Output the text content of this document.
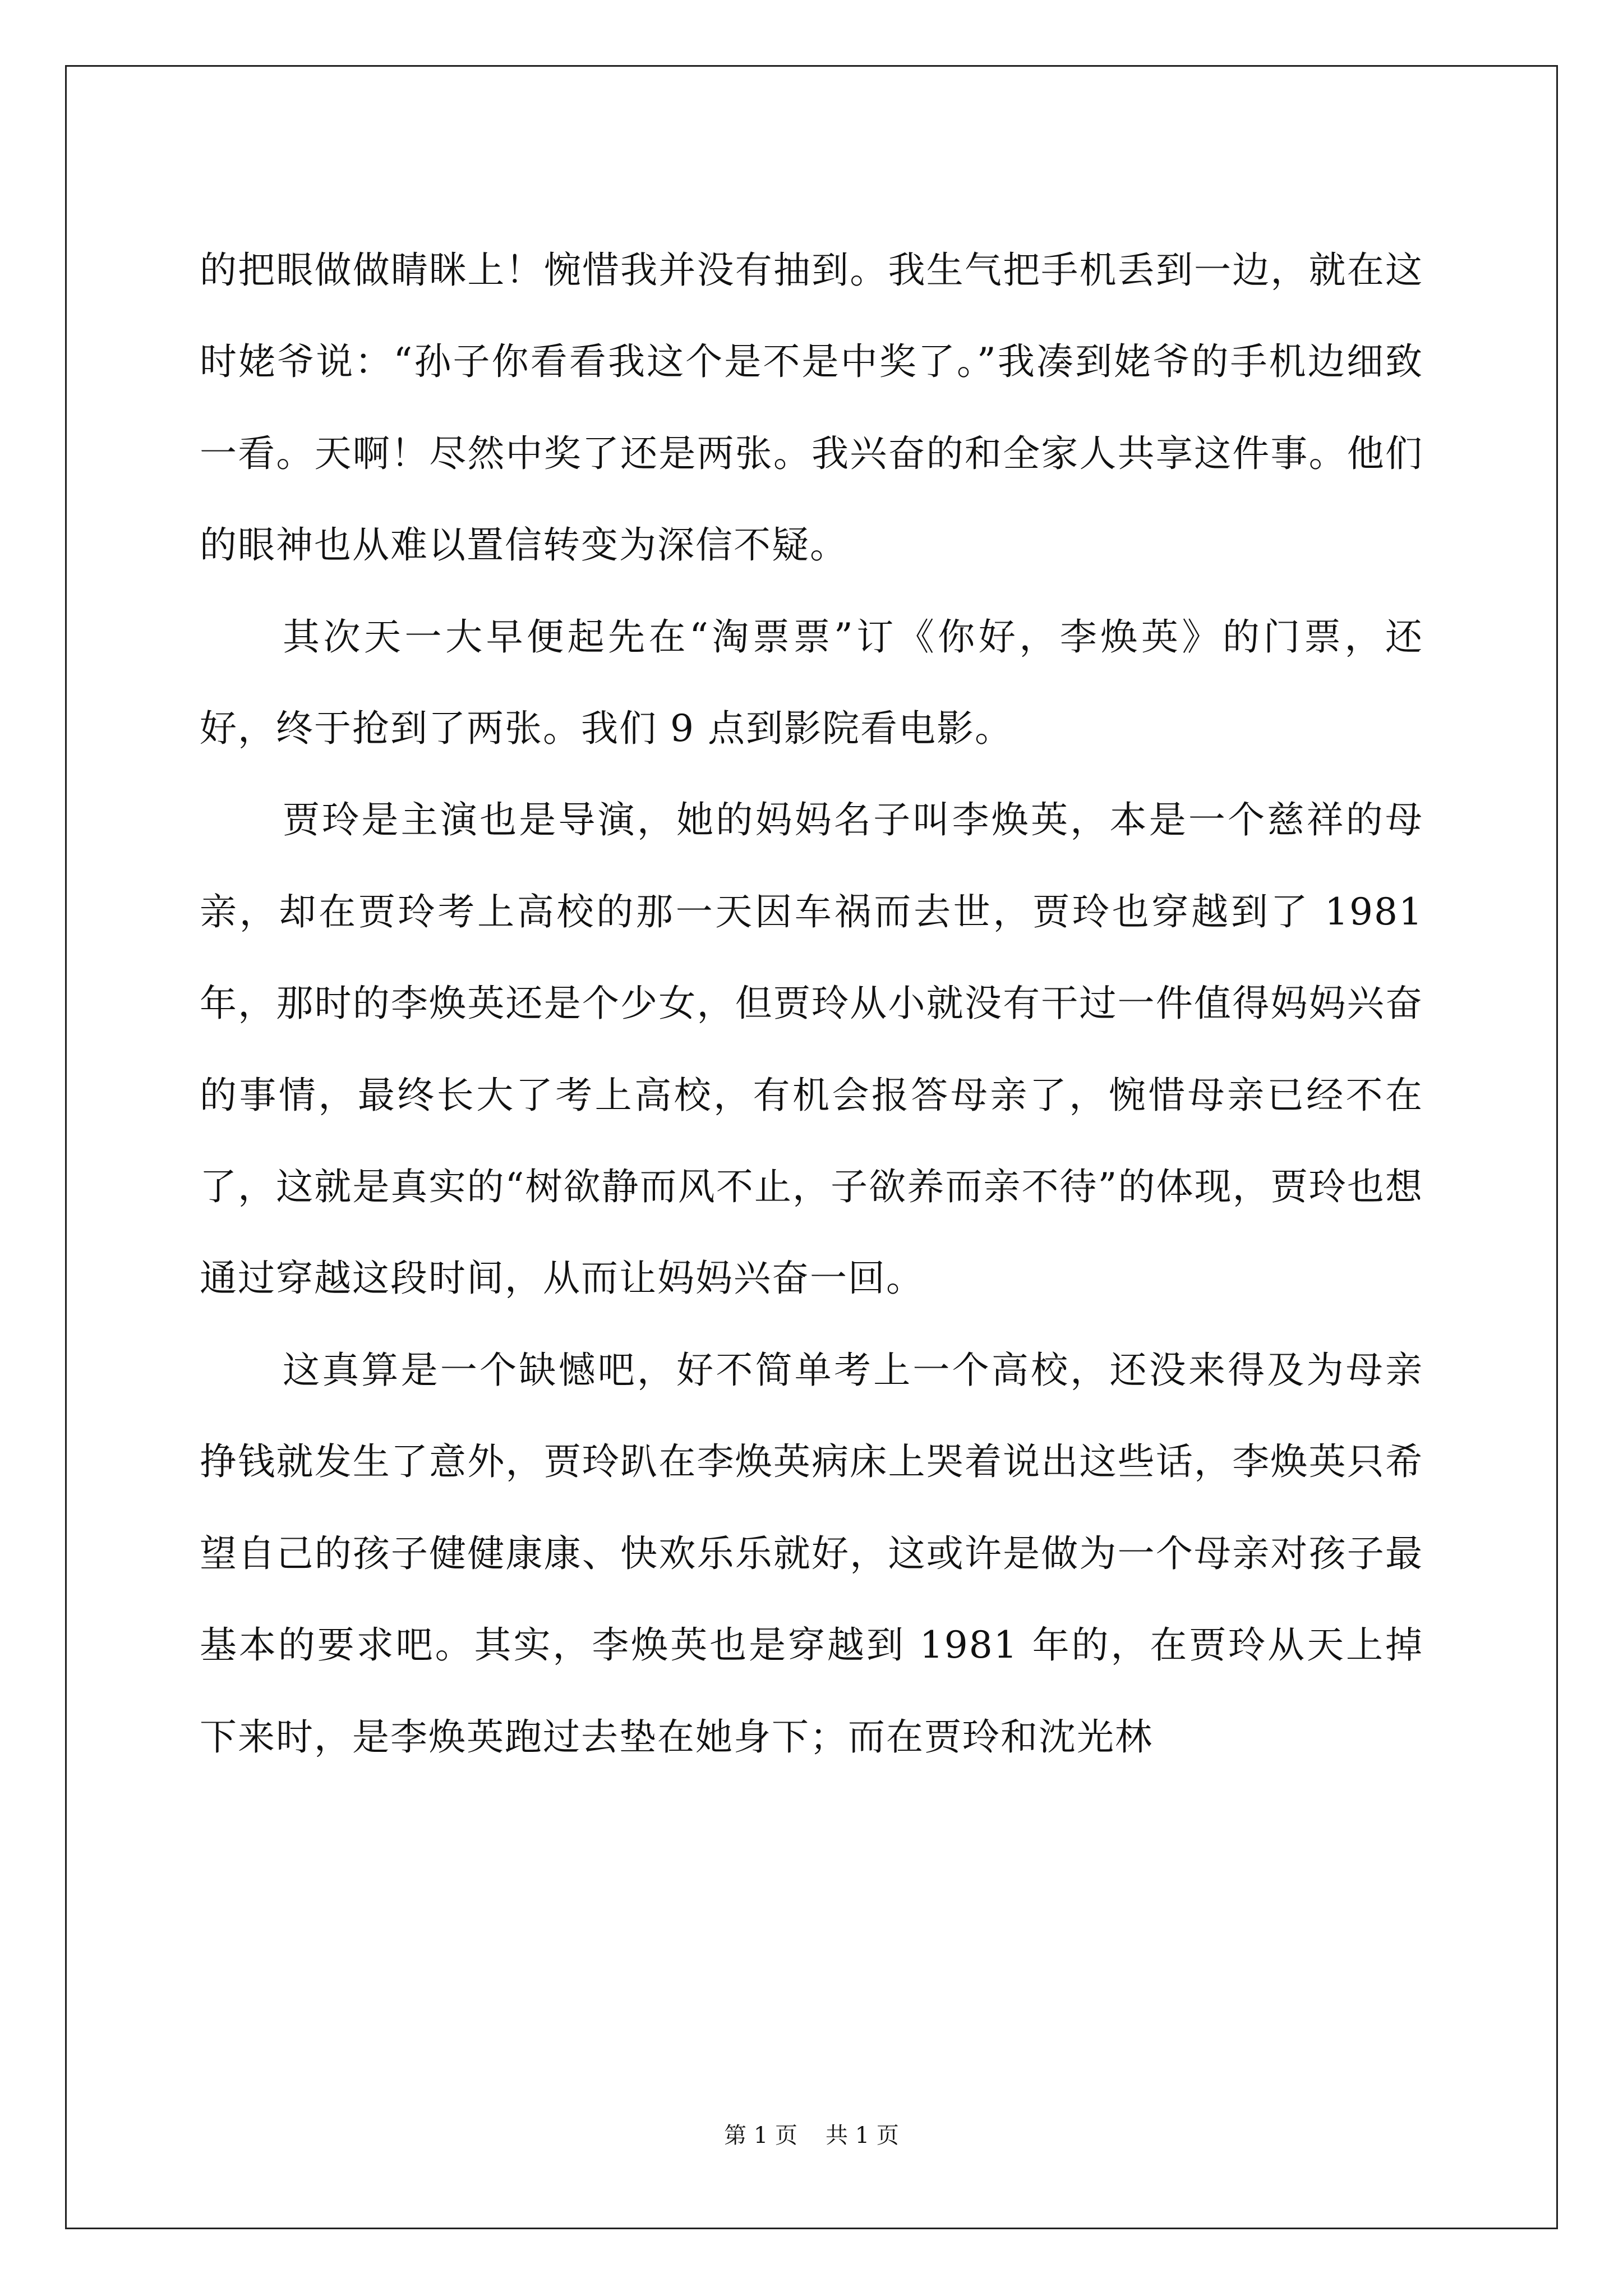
的把眼做做睛眯上！惋惜我并没有抽到。我生气把手机丢到一边，就在这时姥爷说：“孙子你看看我这个是不是中奖了。”我凑到姥爷的手机边细致一看。天啊！尽然中奖了还是两张。我兴奋的和全家人共享这件事。他们的眼神也从难以置信转变为深信不疑。

其次天一大早便起先在“淘票票”订《你好，李焕英》的门票，还好，终于抢到了两张。我们 9 点到影院看电影。

贾玲是主演也是导演，她的妈妈名子叫李焕英，本是一个慈祥的母亲，却在贾玲考上高校的那一天因车祸而去世，贾玲也穿越到了 1981 年，那时的李焕英还是个少女，但贾玲从小就没有干过一件值得妈妈兴奋的事情，最终长大了考上高校，有机会报答母亲了，惋惜母亲已经不在了，这就是真实的“树欲静而风不止，子欲养而亲不待”的体现，贾玲也想通过穿越这段时间，从而让妈妈兴奋一回。

这真算是一个缺憾吧，好不简单考上一个高校，还没来得及为母亲挣钱就发生了意外，贾玲趴在李焕英病床上哭着说出这些话，李焕英只希望自己的孩子健健康康、快欢乐乐就好，这或许是做为一个母亲对孩子最基本的要求吧。其实，李焕英也是穿越到 1981 年的，在贾玲从天上掉下来时，是李焕英跑过去垫在她身下；而在贾玲和沈光林

第 1 页 共 1 页
